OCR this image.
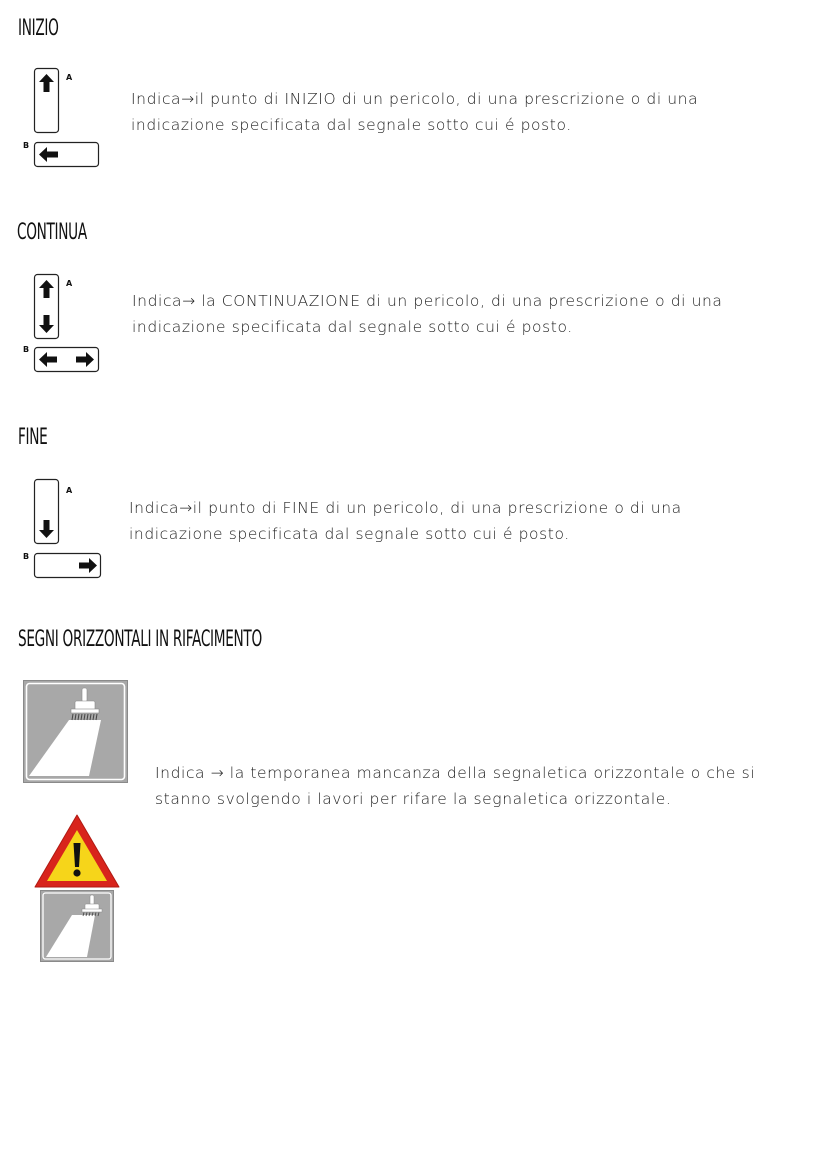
INIZIO
A
B

Indica→il punto di INIZIO di un pericolo, di una prescrizione o di una indicazione specificata dal segnale sotto cui é posto.

CONTINUA
A
B

Indica→ la CONTINUAZIONE di un pericolo, di una prescrizione o di una indicazione specificata dal segnale sotto cui é posto.

FINE
A
B

Indica→il punto di FINE di un pericolo, di una prescrizione o di una indicazione specificata dal segnale sotto cui é posto.

SEGNI ORIZZONTALI IN RIFACIMENTO

Indica → la temporanea mancanza della segnaletica orizzontale o che si stanno svolgendo i lavori per rifare la segnaletica orizzontale.
